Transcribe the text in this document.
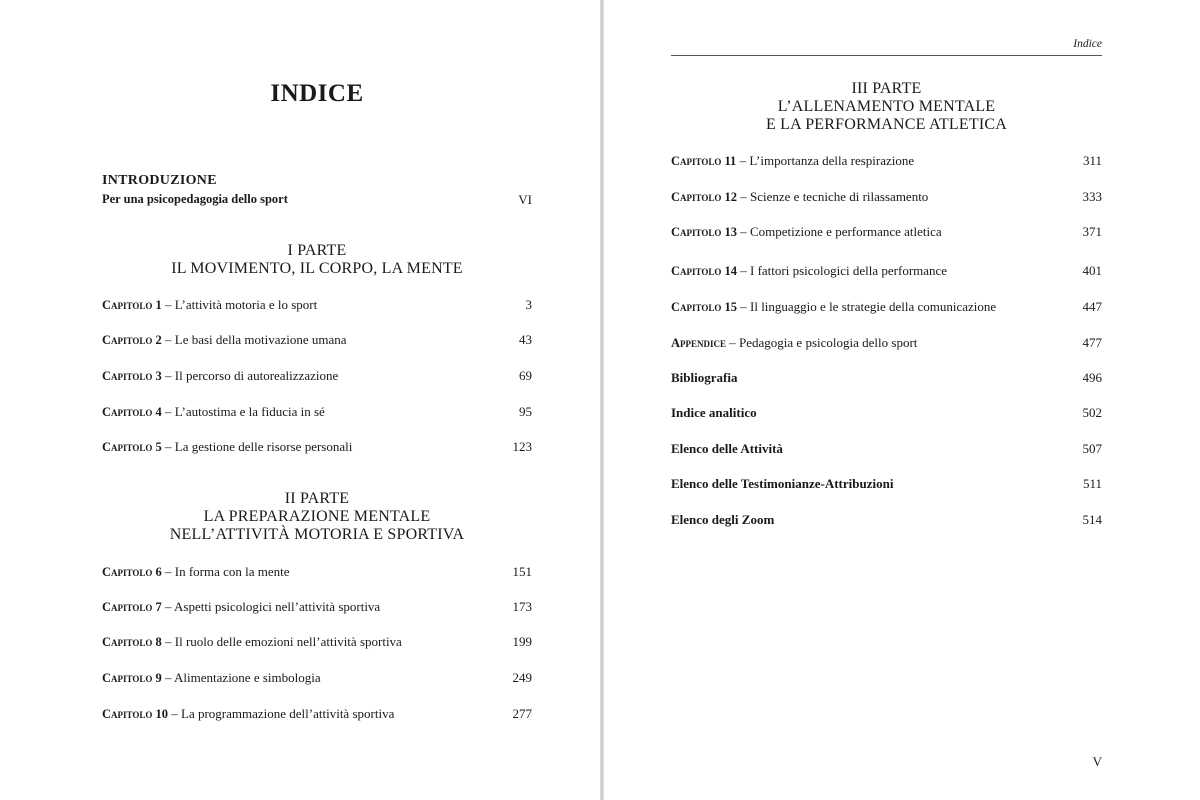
INDICE
INTRODUZIONE
Per una psicopedagogia dello sport	VI
I PARTE
IL MOVIMENTO, IL CORPO, LA MENTE
Capitolo 1 – L’attività motoria e lo sport	3
Capitolo 2 – Le basi della motivazione umana	43
Capitolo 3 – Il percorso di autorealizzazione	69
Capitolo 4 – L’autostima e la fiducia in sé	95
Capitolo 5 – La gestione delle risorse personali	123
II PARTE
LA PREPARAZIONE MENTALE
NELL’ATTIVITÀ MOTORIA E SPORTIVA
Capitolo 6 – In forma con la mente	151
Capitolo 7 – Aspetti psicologici nell’attività sportiva	173
Capitolo 8 – Il ruolo delle emozioni nell’attività sportiva	199
Capitolo 9 – Alimentazione e simbologia	249
Capitolo 10 – La programmazione dell’attività sportiva	277
Indice
III PARTE
L’ALLENAMENTO MENTALE
E LA PERFORMANCE ATLETICA
Capitolo 11 – L’importanza della respirazione	311
Capitolo 12 – Scienze e tecniche di rilassamento	333
Capitolo 13 – Competizione e performance atletica	371
Capitolo 14 – I fattori psicologici della performance	401
Capitolo 15 – Il linguaggio e le strategie della comunicazione	447
Appendice – Pedagogia e psicologia dello sport	477
Bibliografia	496
Indice analitico	502
Elenco delle Attività	507
Elenco delle Testimonianze-Attribuzioni	511
Elenco degli Zoom	514
V
